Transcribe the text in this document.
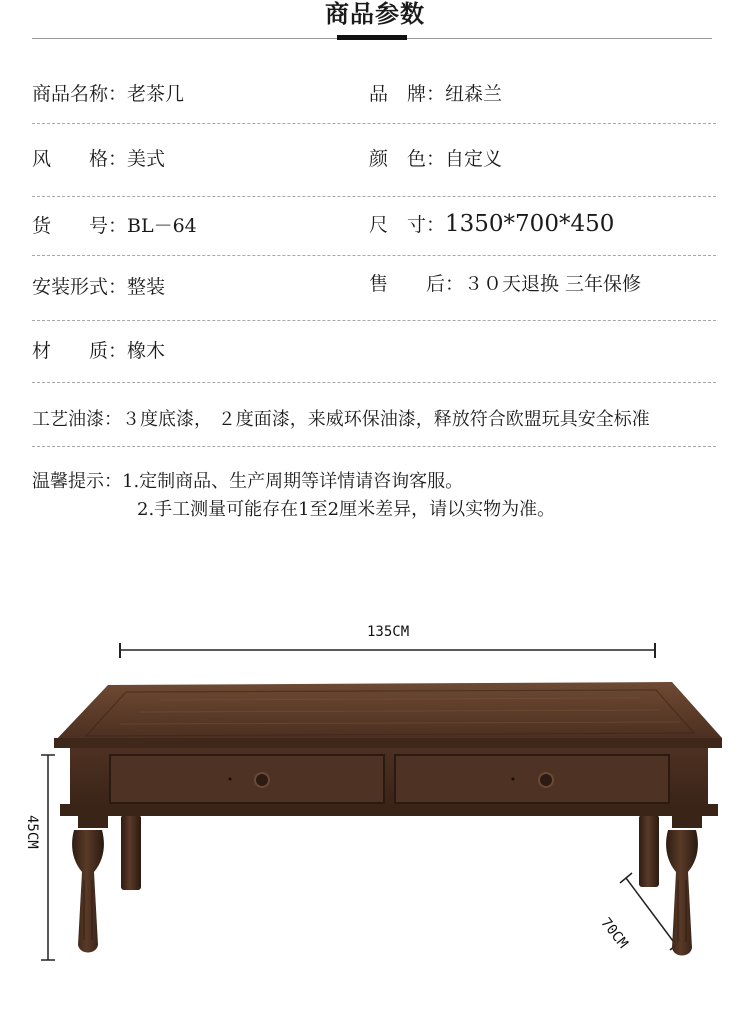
商品参数
商品名称：老茶几	品　牌：纽森兰
风　　格：美式	颜　色：自定义
货　　号：BL－64	尺　寸：1350*700*450
安装形式：整装	售　　后：３０天退换 三年保修
材　　质：橡木
工艺油漆：３度底漆， ２度面漆，来威环保油漆，释放符合欧盟玩具安全标准
温馨提示：1.定制商品、生产周期等详情请咨询客服。
2.手工测量可能存在1至2厘米差异，请以实物为准。
135CM
45CM
70CM
